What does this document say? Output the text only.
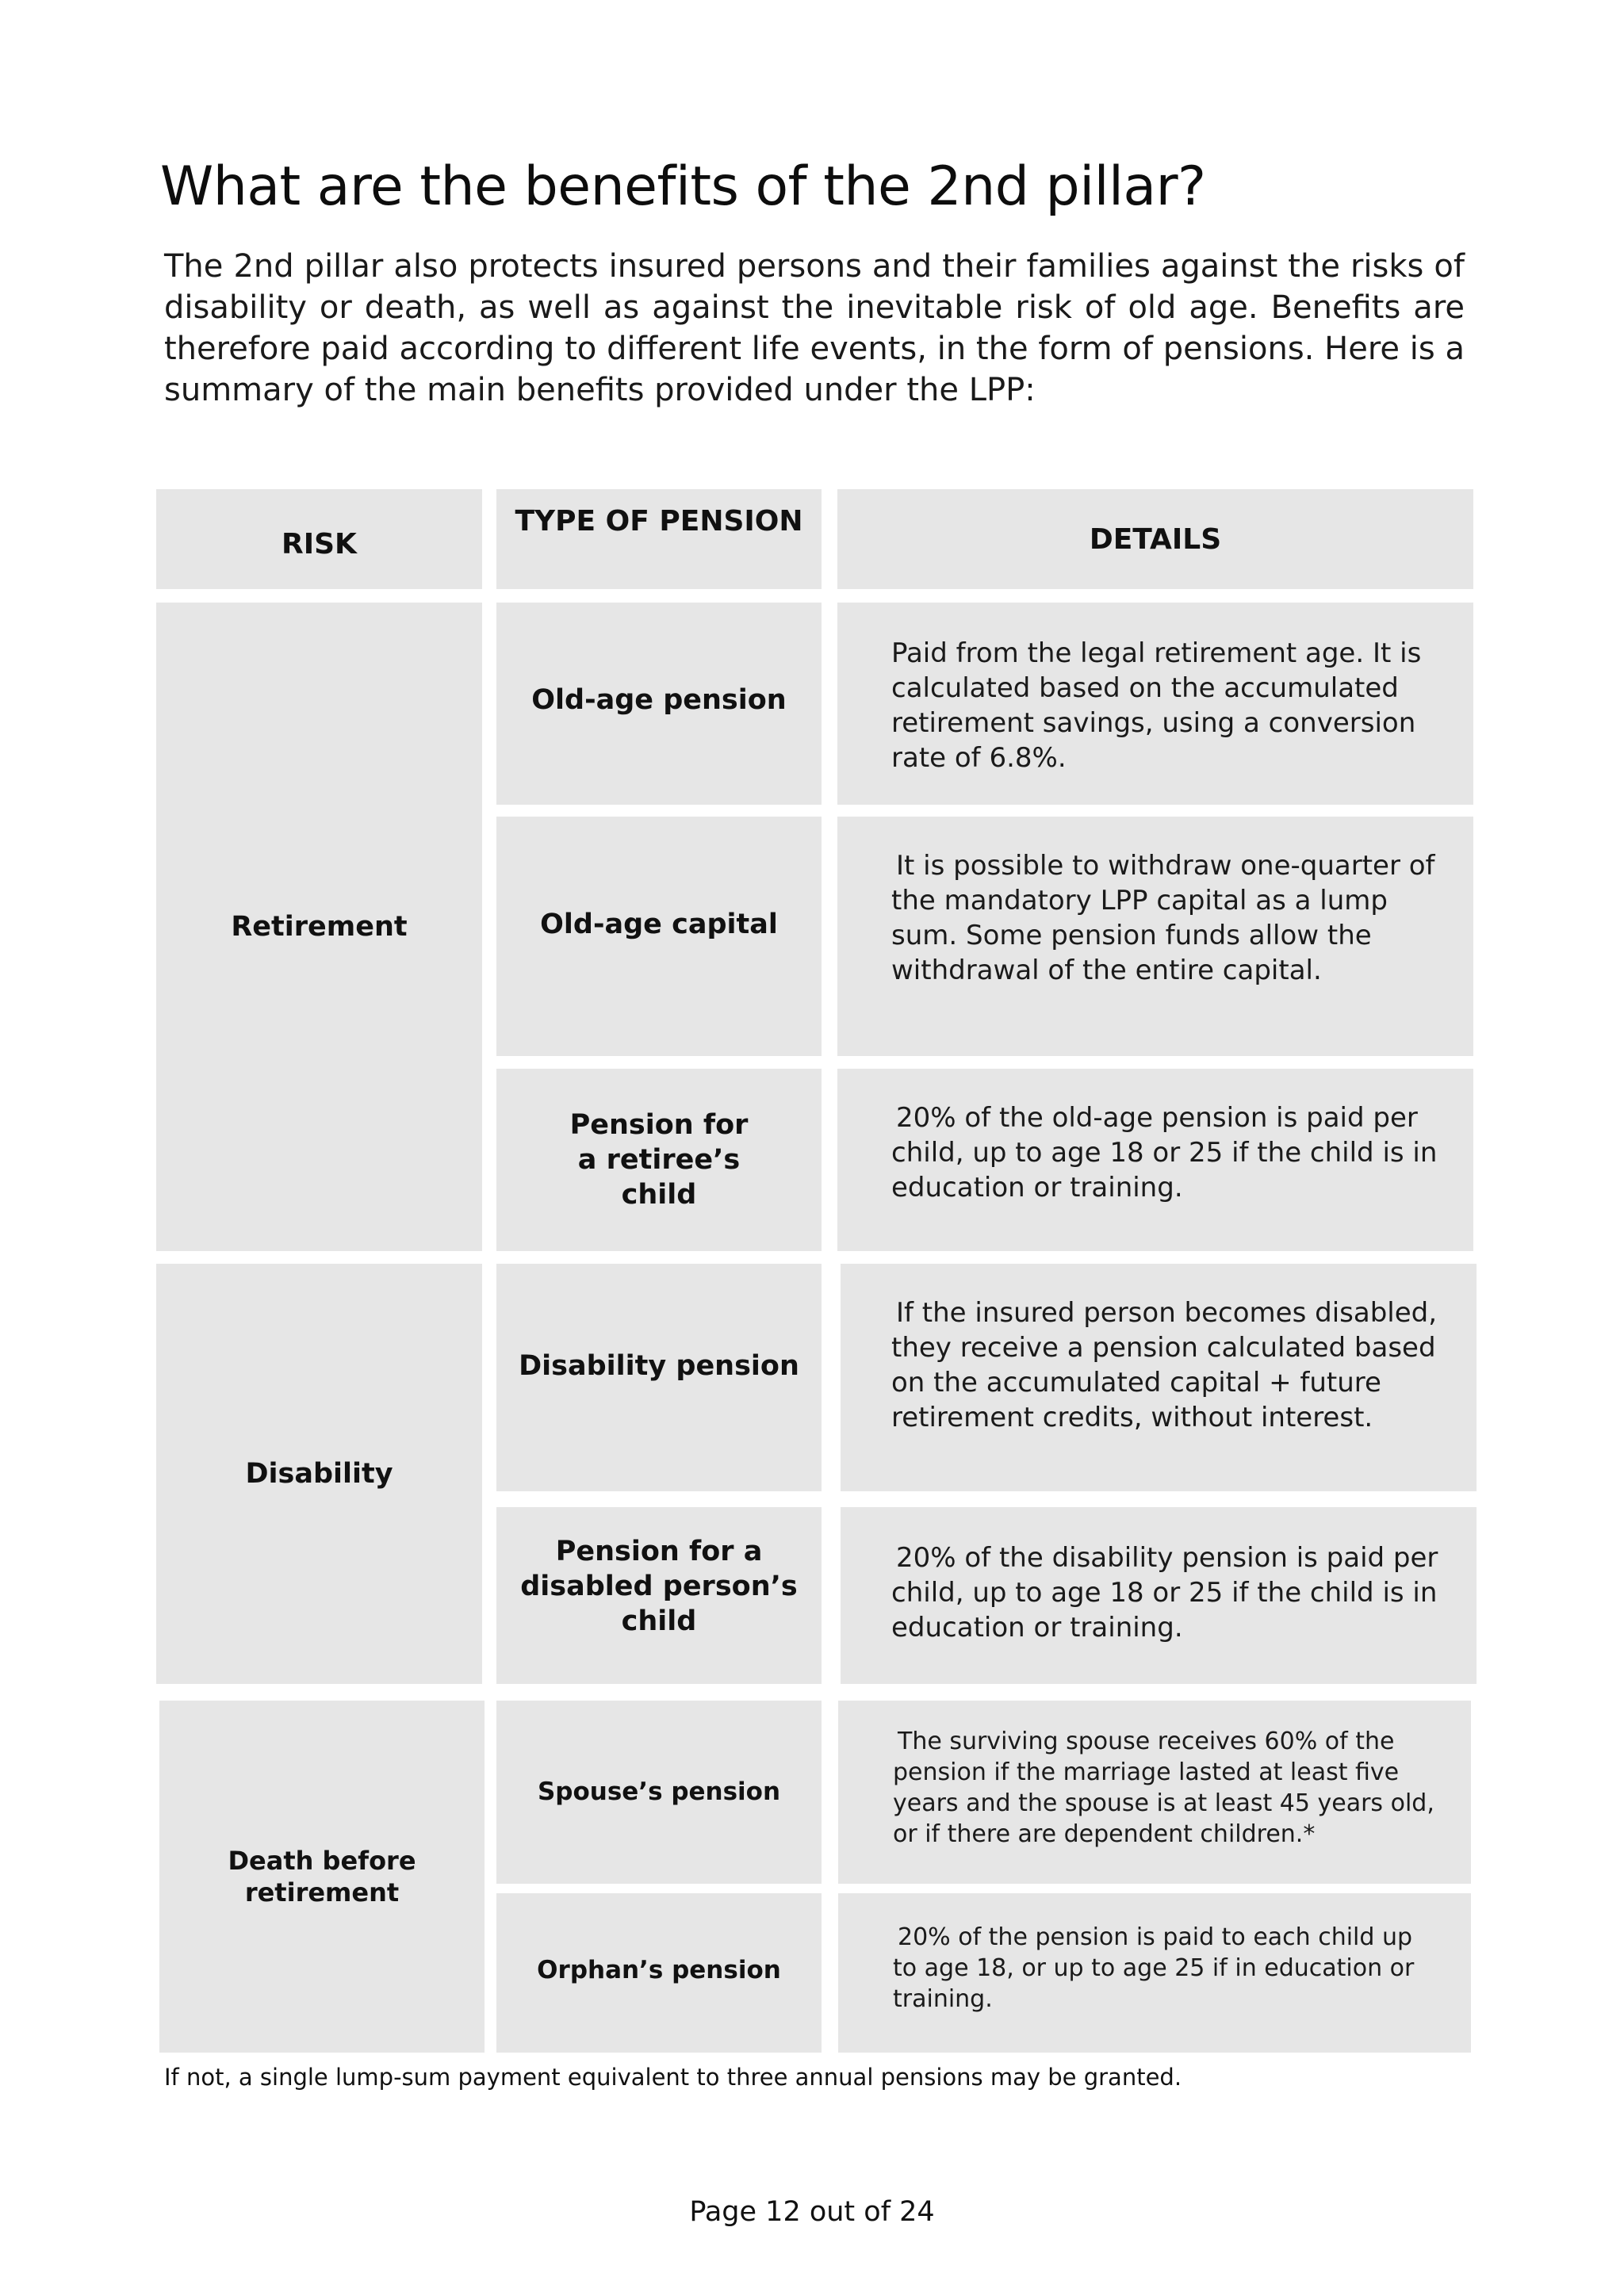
What are the benefits of the 2nd pillar?

The 2nd pillar also protects insured persons and their families against the risks of disability or death, as well as against the inevitable risk of old age. Benefits are therefore paid according to different life events, in the form of pensions. Here is a summary of the main benefits provided under the LPP:

RISK
TYPE OF PENSION
DETAILS
Retirement
Disability
Death before retirement
Old-age pension
Paid from the legal retirement age. It is calculated based on the accumulated retirement savings, using a conversion rate of 6.8%.
Old-age capital
It is possible to withdraw one-quarter of the mandatory LPP capital as a lump sum. Some pension funds allow the withdrawal of the entire capital.
Pension for a retiree’s child
20% of the old-age pension is paid per child, up to age 18 or 25 if the child is in education or training.
Disability pension
If the insured person becomes disabled, they receive a pension calculated based on the accumulated capital + future retirement credits, without interest.
Pension for a disabled person’s child
20% of the disability pension is paid per child, up to age 18 or 25 if the child is in education or training.
Spouse’s pension
The surviving spouse receives 60% of the pension if the marriage lasted at least five years and the spouse is at least 45 years old, or if there are dependent children.*
Orphan’s pension
20% of the pension is paid to each child up to age 18, or up to age 25 if in education or training.

If not, a single lump-sum payment equivalent to three annual pensions may be granted.

Page 12 out of 24
